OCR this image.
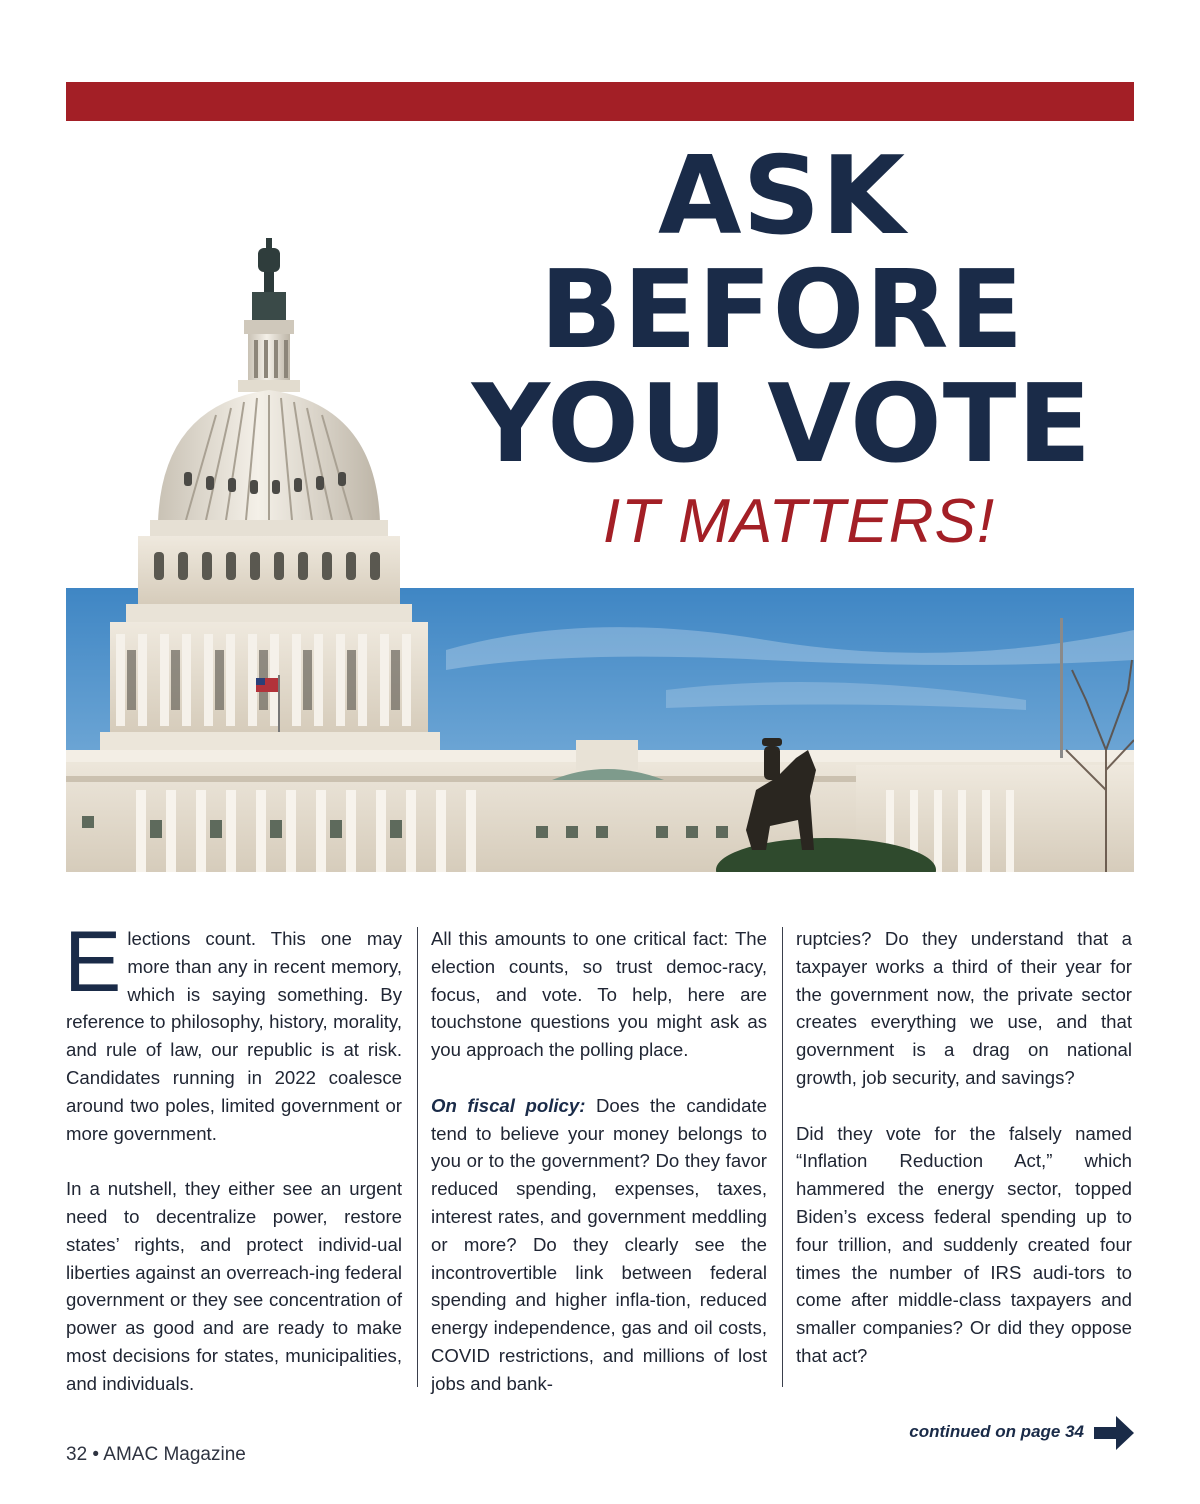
ASK
BEFORE
YOU VOTE
IT MATTERS!

Elections count. This one may more than any in recent memory, which is saying something. By reference to philosophy, history, morality, and rule of law, our republic is at risk. Candidates running in 2022 coalesce around two poles, limited government or more government.

In a nutshell, they either see an urgent need to decentralize power, restore states’ rights, and protect individ-ual liberties against an overreach-ing federal government or they see concentration of power as good and are ready to make most decisions for states, municipalities, and individuals.

All this amounts to one critical fact: The election counts, so trust democ-racy, focus, and vote. To help, here are touchstone questions you might ask as you approach the polling place.

On fiscal policy: Does the candidate tend to believe your money belongs to you or to the government? Do they favor reduced spending, expenses, taxes, interest rates, and government meddling or more? Do they clearly see the incontrovertible link between federal spending and higher infla-tion, reduced energy independence, gas and oil costs, COVID restrictions, and millions of lost jobs and bank-

ruptcies? Do they understand that a taxpayer works a third of their year for the government now, the private sector creates everything we use, and that government is a drag on national growth, job security, and savings?

Did they vote for the falsely named “Inflation Reduction Act,” which hammered the energy sector, topped Biden’s excess federal spending up to four trillion, and suddenly created four times the number of IRS audi-tors to come after middle-class taxpayers and smaller companies? Or did they oppose that act?

continued on page 34
32 • AMAC Magazine
